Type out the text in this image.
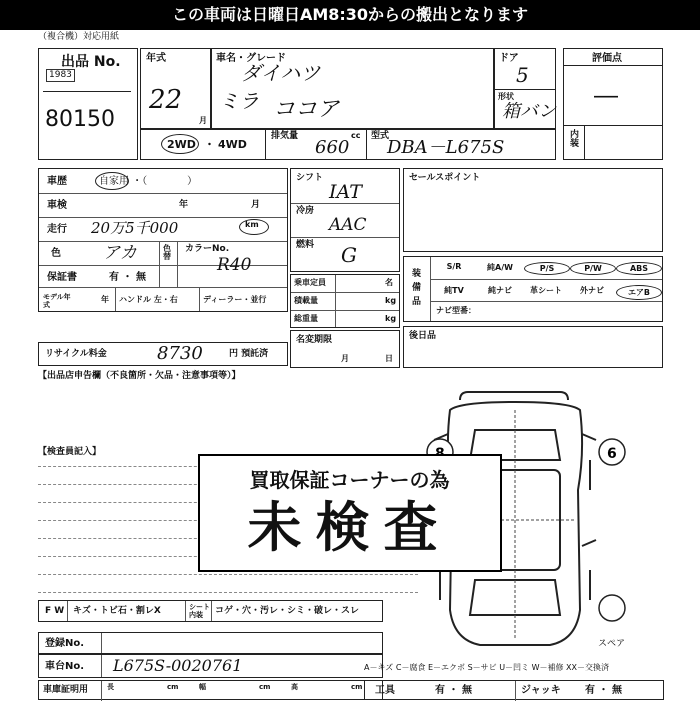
この車両は日曜日AM8:30からの搬出となります
（複合機）対応用紙
出品 No.
1983
80150
年式
22
月
車名・グレード
ダイハツ
ミラ ココア
ドア
5
形状
箱バン
評価点
―
内装
2WD ・ 4WD
排気量	cc
660
型式
DBA－L675S
車歴	自家用 ・（　　　　）
車検	年	月
走行 20万5千000	km
色 アカ	色替
カラーNo.
R40
保証書	有 ・ 無
モデル年式
年 ハンドル 左・右	ディーラー・並行
リサイクル料金	8730	円 預託済
【出品店申告欄（不良箇所・欠品・注意事項等）】
シフト
IAT
冷房
AAC
燃料 G
乗車定員	名
積載量	kg
総重量	kg
名変期限
月	日
セールスポイント
装備品
S/R	純A/W	P/S	P/W	ABS
純TV	純ナビ	革シート	外ナビ	エアB
ナビ型番：
後日品
【検査員記入】	6
スペア
買取保証コーナーの為
未検査
F W キズ・トビ石・割レX	シート内装	コゲ・穴・汚レ・シミ・破レ・スレ
登録No.
車台No. L675S-0020761
車庫証明用	長	cm	幅	cm	高	cm
A－キズ C－腐食 E－エクボ S－サビ U－凹ミ W－補修 XX－交換済
工具	有 ・ 無	ジャッキ 有 ・ 無
